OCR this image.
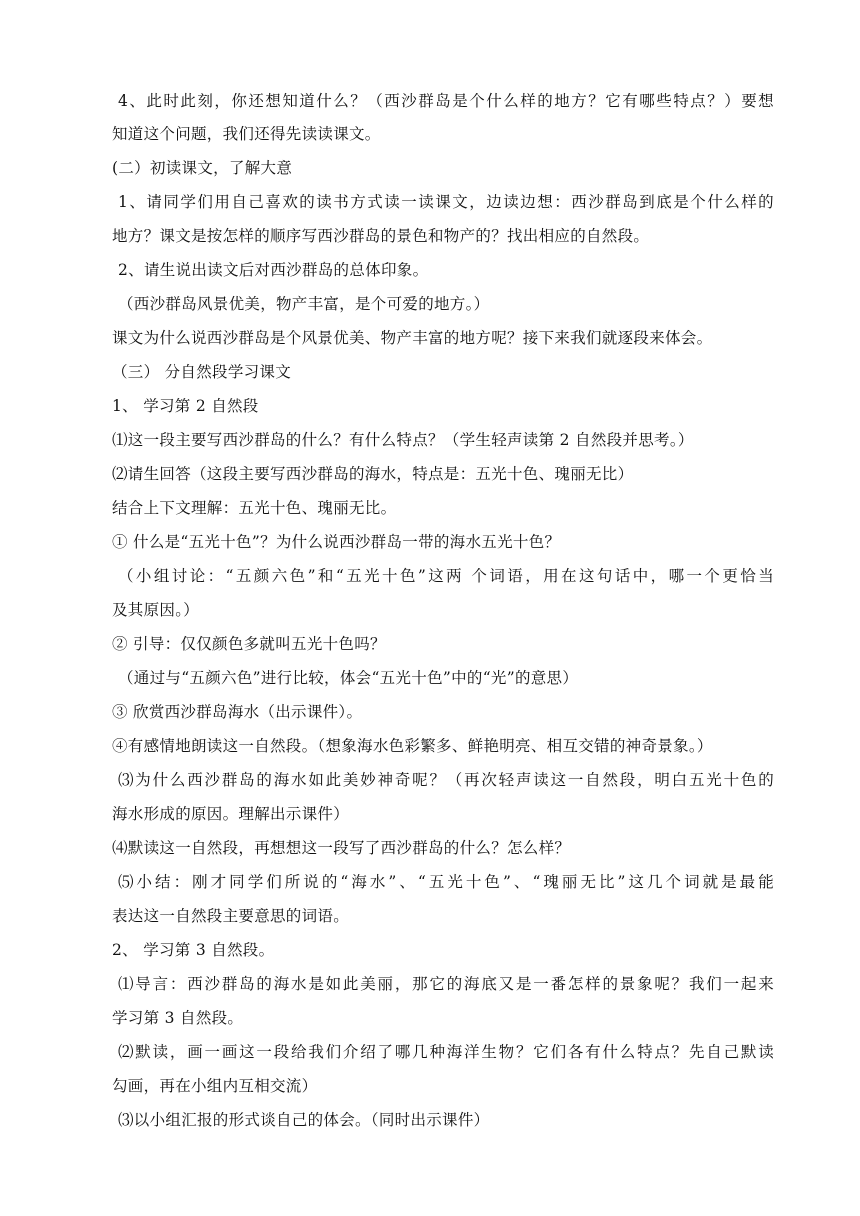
4、此时此刻，你还想知道什么？（西沙群岛是个什么样的地方？它有哪些特点？）要想
知道这个问题，我们还得先读读课文。
(二）初读课文，了解大意
1、请同学们用自己喜欢的读书方式读一读课文，边读边想：西沙群岛到底是个什么样的
地方？课文是按怎样的顺序写西沙群岛的景色和物产的？找出相应的自然段。
2、请生说出读文后对西沙群岛的总体印象。
（西沙群岛风景优美，物产丰富，是个可爱的地方。）
课文为什么说西沙群岛是个风景优美、物产丰富的地方呢？接下来我们就逐段来体会。
（三） 分自然段学习课文
1、 学习第 2 自然段
⑴这一段主要写西沙群岛的什么？有什么特点？（学生轻声读第 2 自然段并思考。）
⑵请生回答（这段主要写西沙群岛的海水，特点是：五光十色、瑰丽无比）
结合上下文理解：五光十色、瑰丽无比。
① 什么是“五光十色”？为什么说西沙群岛一带的海水五光十色？
（小组讨论：“五颜六色”和“五光十色”这两 个词语，用在这句话中，哪一个更恰当
及其原因。）
② 引导：仅仅颜色多就叫五光十色吗？
（通过与“五颜六色”进行比较，体会“五光十色”中的“光”的意思）
③ 欣赏西沙群岛海水（出示课件）。
④有感情地朗读这一自然段。（想象海水色彩繁多、鲜艳明亮、相互交错的神奇景象。）
⑶为什么西沙群岛的海水如此美妙神奇呢？（再次轻声读这一自然段，明白五光十色的
海水形成的原因。理解出示课件）
⑷默读这一自然段，再想想这一段写了西沙群岛的什么？怎么样？
⑸小结：刚才同学们所说的“海水”、“五光十色”、“瑰丽无比”这几个词就是最能
表达这一自然段主要意思的词语。
2、 学习第 3 自然段。
⑴导言：西沙群岛的海水是如此美丽，那它的海底又是一番怎样的景象呢？我们一起来
学习第 3 自然段。
⑵默读，画一画这一段给我们介绍了哪几种海洋生物？它们各有什么特点？先自己默读
勾画，再在小组内互相交流）
⑶以小组汇报的形式谈自己的体会。（同时出示课件）
